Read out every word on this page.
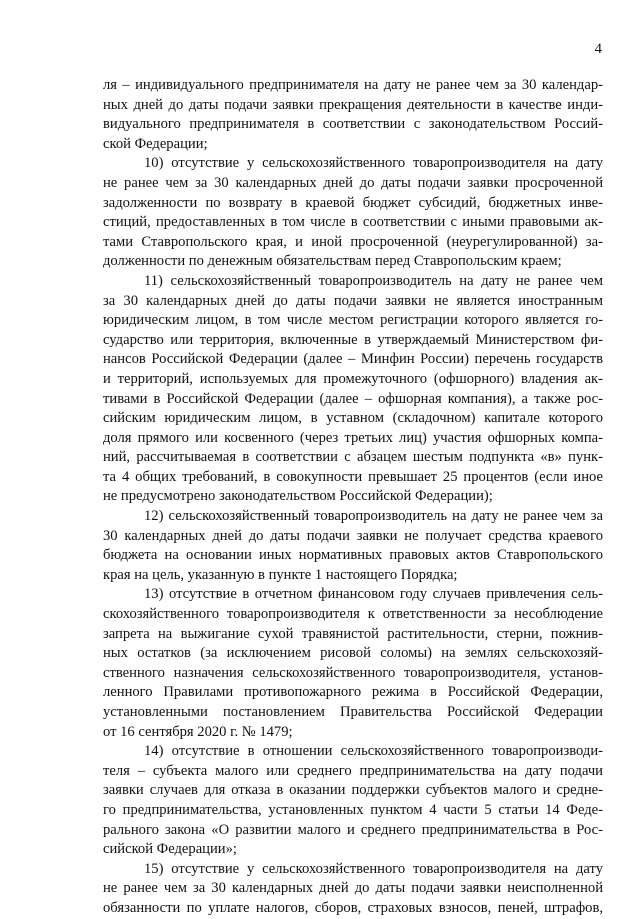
4
ля – индивидуального предпринимателя на дату не ранее чем за 30 календар-
ных дней до даты подачи заявки прекращения деятельности в качестве инди-
видуального предпринимателя в соответствии с законодательством Россий-
ской Федерации;
10) отсутствие у сельскохозяйственного товаропроизводителя на дату
не ранее чем за 30 календарных дней до даты подачи заявки просроченной
задолженности по возврату в краевой бюджет субсидий, бюджетных инве-
стиций, предоставленных в том числе в соответствии с иными правовыми ак-
тами Ставропольского края, и иной просроченной (неурегулированной) за-
долженности по денежным обязательствам перед Ставропольским краем;
11) сельскохозяйственный товаропроизводитель на дату не ранее чем
за 30 календарных дней до даты подачи заявки не является иностранным
юридическим лицом, в том числе местом регистрации которого является го-
сударство или территория, включенные в утверждаемый Министерством фи-
нансов Российской Федерации (далее – Минфин России) перечень государств
и территорий, используемых для промежуточного (офшорного) владения ак-
тивами в Российской Федерации (далее – офшорная компания), а также рос-
сийским юридическим лицом, в уставном (складочном) капитале которого
доля прямого или косвенного (через третьих лиц) участия офшорных компа-
ний, рассчитываемая в соответствии с абзацем шестым подпункта «в» пунк-
та 4 общих требований, в совокупности превышает 25 процентов (если иное
не предусмотрено законодательством Российской Федерации);
12) сельскохозяйственный товаропроизводитель на дату не ранее чем за
30 календарных дней до даты подачи заявки не получает средства краевого
бюджета на основании иных нормативных правовых актов Ставропольского
края на цель, указанную в пункте 1 настоящего Порядка;
13) отсутствие в отчетном финансовом году случаев привлечения сель-
скохозяйственного товаропроизводителя к ответственности за несоблюдение
запрета на выжигание сухой травянистой растительности, стерни, пожнив-
ных остатков (за исключением рисовой соломы) на землях сельскохозяй-
ственного назначения сельскохозяйственного товаропроизводителя, установ-
ленного Правилами противопожарного режима в Российской Федерации,
установленными постановлением Правительства Российской Федерации
от 16 сентября 2020 г. № 1479;
14) отсутствие в отношении сельскохозяйственного товаропроизводи-
теля – субъекта малого или среднего предпринимательства на дату подачи
заявки случаев для отказа в оказании поддержки субъектов малого и средне-
го предпринимательства, установленных пунктом 4 части 5 статьи 14 Феде-
рального закона «О развитии малого и среднего предпринимательства в Рос-
сийской Федерации»;
15) отсутствие у сельскохозяйственного товаропроизводителя на дату
не ранее чем за 30 календарных дней до даты подачи заявки неисполненной
обязанности по уплате налогов, сборов, страховых взносов, пеней, штрафов,
